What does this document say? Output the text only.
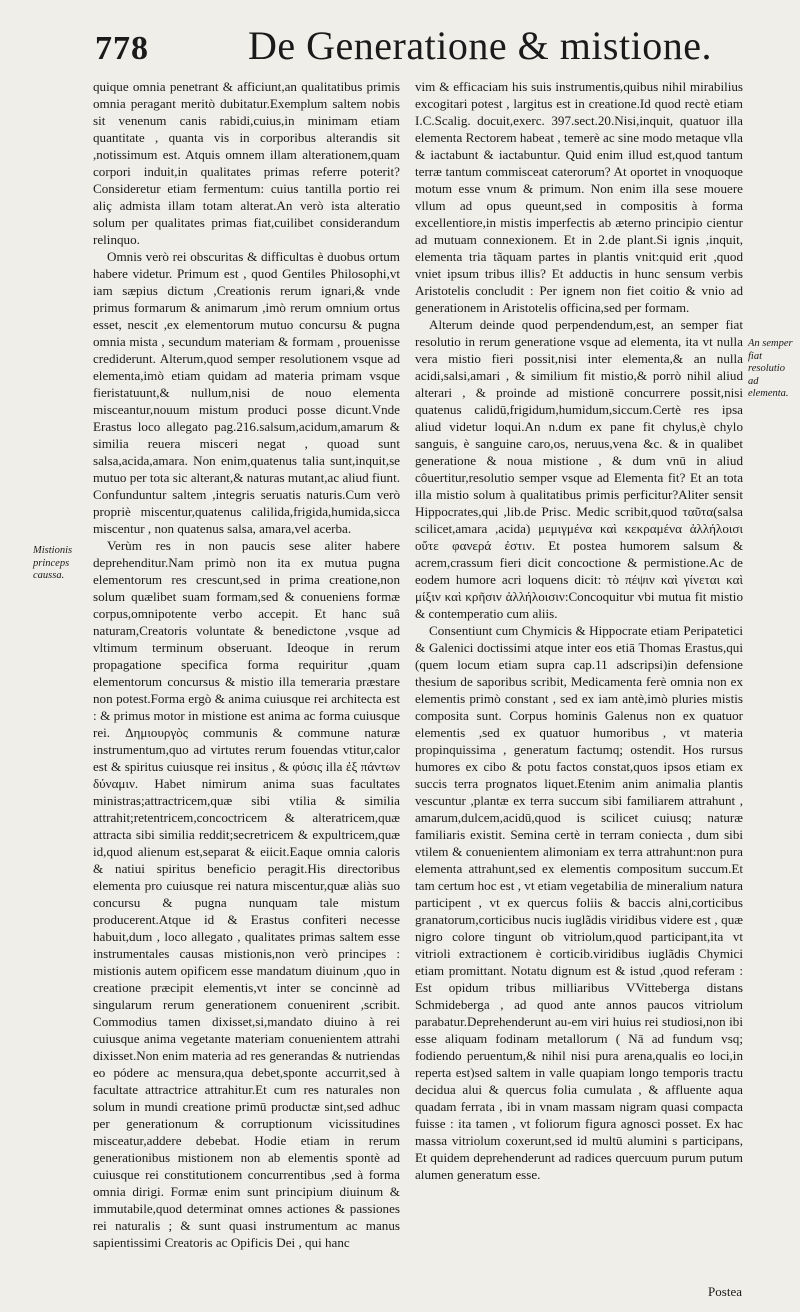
778 De Generatione & mistione.

quique omnia penetrant & afficiunt,an qualitatibus primis omnia peragant meritò dubitatur.Exemplum saltem nobis sit venenum canis rabidi,cuius,in minimam etiam quantitate , quanta vis in corporibus alterandis sit ,notissimum est. Atquis omnem illam alterationem,quam corpori induit,in qualitates primas referre poterit?Consideretur etiam fermentum: cuius tantilla portio rei aliç admista illam totam alterat.An verò ista alteratio solum per qualitates primas fiat,cuilibet considerandum relinquo.

Omnis verò rei obscuritas & difficultas è duobus ortum habere videtur. Primum est , quod Gentiles Philosophi,vt iam sæpius dictum ,Creationis rerum ignari,& vnde primus formarum & animarum ,imò rerum omnium ortus esset, nescit ,ex elementorum mutuo concursu & pugna omnia mista , secundum materiam & formam , prouenisse crediderunt. Alterum,quod semper resolutionem vsque ad elementa,imò etiam quidam ad materia primam vsque fieristatuunt,& nullum,nisi de nouo elementa misceantur,nouum mistum produci posse dicunt.Vnde Erastus loco allegato pag.216.salsum,acidum,amarum & similia reuera misceri negat , quoad sunt salsa,acida,amara. Non enim,quatenus talia sunt,inquit,se mutuo per tota sic alterant,& naturas mutant,ac aliud fiunt. Confunduntur saltem ,integris seruatis naturis.Cum verò propriè miscentur,quatenus calilida,frigida,humida,sicca miscentur , non quatenus salsa, amara,vel acerba.

Verùm res in non paucis sese aliter habere deprehenditur.Nam primò non ita ex mutua pugna elementorum res crescunt,sed in prima creatione,non solum quælibet suam formam,sed & conueniens formæ corpus,omnipotente verbo accepit. Et hanc suâ naturam,Creatoris voluntate & benedictone ,vsque ad vltimum terminum obseruant. Ideoque in rerum propagatione specifica forma requiritur ,quam elementorum concursus & mistio illa temeraria præstare non potest.Forma ergò & anima cuiusque rei architecta est : & primus motor in mistione est anima ac forma cuiusque rei. Δημιουργὸς communis & commune naturæ instrumentum,quo ad virtutes rerum fouendas vtitur,calor est & spiritus cuiusque rei insitus , & φύσις illa ἐξ πάντων δύναμιν. Habet nimirum anima suas facultates ministras;attractricem,quæ sibi vtilia & similia attrahit;retentricem,concoctricem & alteratricem,quæ attracta sibi similia reddit;secretricem & expultricem,quæ id,quod alienum est,separat & eiicit.Eaque omnia caloris & natiui spiritus beneficio peragit.His directoribus elementa pro cuiusque rei natura miscentur,quæ aliàs suo concursu & pugna nunquam tale mistum producerent.Atque id & Erastus confiteri necesse habuit,dum , loco allegato , qualitates primas saltem esse instrumentales causas mistionis,non verò principes : mistionis autem opificem esse mandatum diuinum ,quo in creatione præcipit elementis,vt inter se concinnè ad singularum rerum generationem conuenirent ,scribit. Commodius tamen dixisset,si,mandato diuino à rei cuiusque anima vegetante materiam conuenientem attrahi dixisset.Non enim materia ad res generandas & nutriendas eo pódere ac mensura,qua debet,sponte accurrit,sed à facultate attractrice attrahitur.Et cum res naturales non solum in mundi creatione primū productæ sint,sed adhuc per generationum & corruptionum vicissitudines misceatur,addere debebat. Hodie etiam in rerum generationibus mistionem non ab elementis spontè ad cuiusque rei constitutionem concurrentibus ,sed à forma omnia dirigi. Formæ enim sunt principium diuinum & immutabile,quod determinat omnes actiones & passiones rei naturalis ; & sunt quasi instrumentum ac manus sapientissimi Creatoris ac Opificis Dei , qui hanc

vim & efficaciam his suis instrumentis,quibus nihil mirabilius excogitari potest , largitus est in creatione.Id quod rectè etiam I.C.Scalig. docuit,exerc. 397.sect.20.Nisi,inquit, quatuor illa elementa Rectorem habeat , temerè ac sine modo metaque vlla & iactabunt & iactabuntur. Quid enim illud est,quod tantum terræ tantum commisceat caterorum? At oportet in vnoquoque motum esse vnum & primum. Non enim illa sese mouere vllum ad opus queunt,sed in compositis à forma excellentiore,in mistis imperfectis ab æterno principio cientur ad mutuam connexionem. Et in 2.de plant.Si ignis ,inquit, elementa tria tãquam partes in plantis vnit:quid erit ,quod vniet ipsum tribus illis? Et adductis in hunc sensum verbis Aristotelis concludit : Per ignem non fiet coitio & vnio ad generationem in Aristotelis officina,sed per formam.

Alterum deinde quod perpendendum,est, an semper fiat resolutio in rerum generatione vsque ad elementa, ita vt nulla vera mistio fieri possit,nisi inter elementa,& an nulla acidi,salsi,amari , & similium fit mistio,& porrò nihil aliud alterari , & proinde ad mistionē concurrere possit,nisi quatenus calidū,frigidum,humidum,siccum.Certè res ipsa aliud videtur loqui.An n.dum ex pane fit chylus,è chylo sanguis, è sanguine caro,os, neruus,vena &c. & in qualibet generatione & noua mistione , & dum vnū in aliud côuertitur,resolutio semper vsque ad Elementa fit? Et an tota illa mistio solum à qualitatibus primis perficitur?Aliter sensit Hippocrates,qui ,lib.de Prisc. Medic scribit,quod ταῦτα(salsa scilicet,amara ,acida) μεμιγμένα καὶ κεκραμένα ἀλλήλοισι οὔτε φανερά ἐστιν. Et postea humorem salsum & acrem,crassum fieri dicit concoctione & permistione.Ac de eodem humore acri loquens dicit: τὸ πέψιν καὶ γίνεται καὶ μίξιν καὶ κρῆσιν ἀλλήλοισιν:Concoquitur vbi mutua fit mistio & contemperatio cum aliis.

Consentiunt cum Chymicis & Hippocrate etiam Peripatetici & Galenici doctissimi atque inter eos etiā Thomas Erastus,qui (quem locum etiam supra cap.11 adscripsi)in defensione thesium de saporibus scribit, Medicamenta ferè omnia non ex elementis primò constant , sed ex iam antè,imò pluries mistis composita sunt. Corpus hominis Galenus non ex quatuor elementis ,sed ex quatuor humoribus , vt materia propinquissima , generatum factumq; ostendit. Hos rursus humores ex cibo & potu factos constat,quos ipsos etiam ex succis terra prognatos liquet.Etenim anim animalia plantis vescuntur ,plantæ ex terra succum sibi familiarem attrahunt , amarum,dulcem,acidū,quod is scilicet cuiusq; naturæ familiaris existit. Semina certè in terram coniecta , dum sibi vtilem & conuenientem alimoniam ex terra attrahunt:non pura elementa attrahunt,sed ex elementis compositum succum.Et tam certum hoc est , vt etiam vegetabilia de mineralium natura participent , vt ex quercus foliis & baccis alni,corticibus granatorum,corticibus nucis iuglãdis viridibus videre est , quæ nigro colore tingunt ob vitriolum,quod participant,ita vt vitrioli extractionem è corticib.viridibus iuglãdis Chymici etiam promittant. Notatu dignum est & istud ,quod referam : Est opidum tribus milliaribus VVitteberga distans Schmideberga , ad quod ante annos paucos vitriolum parabatur.Deprehenderunt au-em viri huius rei studiosi,non ibi esse aliquam fodinam metallorum ( Nā ad fundum vsq; fodiendo peruentum,& nihil nisi pura arena,qualis eo loci,in reperta est)sed saltem in valle quapiam longo temporis tractu decidua alui & quercus folia cumulata , & affluente aqua quadam ferrata , ibi in vnam massam nigram quasi compacta fuisse : ita tamen , vt foliorum figura agnosci posset. Ex hac massa vitriolum coxerunt,sed id multū alumini s participans, Et quidem deprehenderunt ad radices quercuum purum putum alumen generatum esse.

Mistionis princeps caussa.
An semper fiat resolutio ad elementa.
Postea
